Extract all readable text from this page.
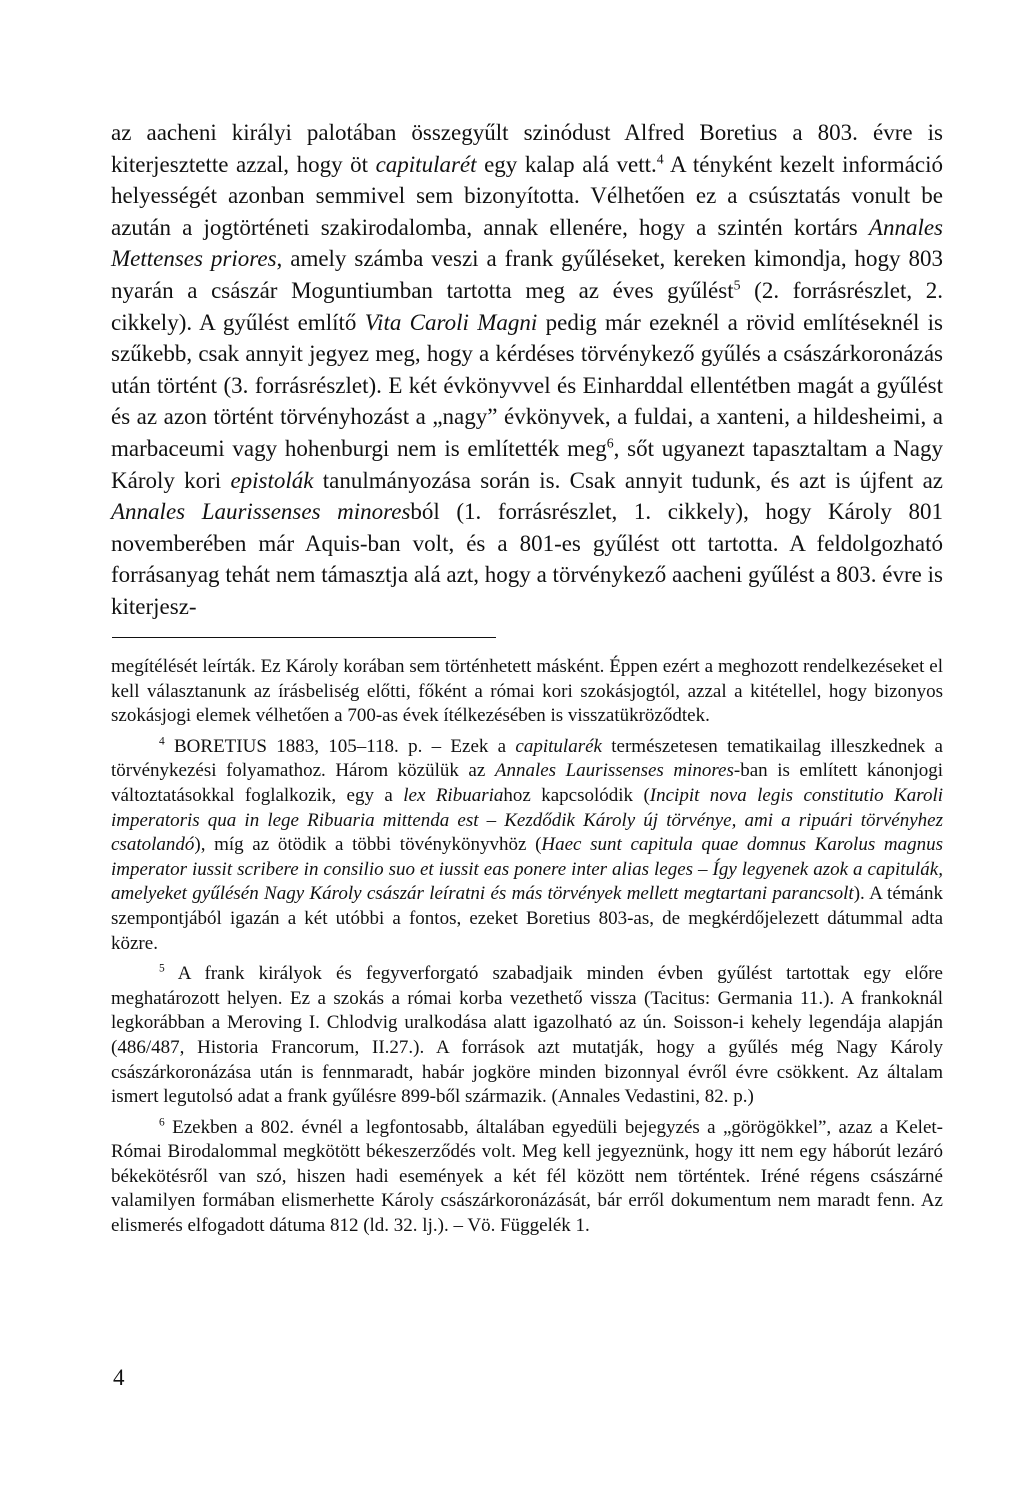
az aacheni királyi palotában összegyűlt szinódust Alfred Boretius a 803. évre is kiterjesztette azzal, hogy öt capitularét egy kalap alá vett.$^4$ A tényként kezelt információ helyességét azonban semmivel sem bizonyította. Vélhetően ez a csúsztatás vonult be azután a jogtörténeti szakirodalomba, annak ellenére, hogy a szintén kortárs Annales Mettenses priores, amely számba veszi a frank gyűléseket, kereken kimondja, hogy 803 nyarán a császár Moguntiumban tartotta meg az éves gyűlést$^5$ (2. forrásrészlet, 2. cikkely). A gyűlést említő Vita Caroli Magni pedig már ezeknél a rövid említéseknél is szűkebb, csak annyit jegyez meg, hogy a kérdéses törvénykező gyűlés a császárkoronázás után történt (3. forrásrészlet). E két évkönyvvel és Einharddal ellentétben magát a gyűlést és az azon történt törvényhozást a „nagy” évkönyvek, a fuldai, a xanteni, a hildesheimi, a marbaceumi vagy hohenburgi nem is említették meg$^6$, sőt ugyanezt tapasztaltam a Nagy Károly kori epistolák tanulmányozása során is. Csak annyit tudunk, és azt is újfent az Annales Laurissenses minoresból (1. forrásrészlet, 1. cikkely), hogy Károly 801 novemberében már Aquis-ban volt, és a 801-es gyűlést ott tartotta. A feldolgozható forrásanyag tehát nem támasztja alá azt, hogy a törvénykező aacheni gyűlést a 803. évre is kiterjesz-

megítélését leírták. Ez Károly korában sem történhetett másként. Éppen ezért a meghozott rendelkezéseket el kell választanunk az írásbeliség előtti, főként a római kori szokásjogtól, azzal a kitétellel, hogy bizonyos szokásjogi elemek vélhetően a 700-as évek ítélkezésében is visszatükröződtek.

$^4$ BORETIUS 1883, 105–118. p. – Ezek a capitularék természetesen tematikailag illeszkednek a törvénykezési folyamathoz. Három közülük az Annales Laurissenses minores-ban is említett kánonjogi változtatásokkal foglalkozik, egy a lex Ribuariahoz kapcsolódik (Incipit nova legis constitutio Karoli imperatoris qua in lege Ribuaria mittenda est – Kezdődik Károly új törvénye, ami a ripuári törvényhez csatolandó), míg az ötödik a többi tövénykönyvhöz (Haec sunt capitula quae domnus Karolus magnus imperator iussit scribere in consilio suo et iussit eas ponere inter alias leges – Így legyenek azok a capitulák, amelyeket gyűlésén Nagy Károly császár leíratni és más törvények mellett megtartani parancsolt). A témánk szempontjából igazán a két utóbbi a fontos, ezeket Boretius 803-as, de megkérdőjelezett dátummal adta közre.

$^5$ A frank királyok és fegyverforgató szabadjaik minden évben gyűlést tartottak egy előre meghatározott helyen. Ez a szokás a római korba vezethető vissza (Tacitus: Germania 11.). A frankoknál legkorábban a Meroving I. Chlodvig uralkodása alatt igazolható az ún. Soisson-i kehely legendája alapján (486/487, Historia Francorum, II.27.). A források azt mutatják, hogy a gyűlés még Nagy Károly császárkoronázása után is fennmaradt, habár jogköre minden bizonnyal évről évre csökkent. Az általam ismert legutolsó adat a frank gyűlésre 899-ből származik. (Annales Vedastini, 82. p.)

$^6$ Ezekben a 802. évnél a legfontosabb, általában egyedüli bejegyzés a „görögökkel”, azaz a Kelet-Római Birodalommal megkötött békeszerződés volt. Meg kell jegyeznünk, hogy itt nem egy háborút lezáró békekötésről van szó, hiszen hadi események a két fél között nem történtek. Iréné régens császárné valamilyen formában elismerhette Károly császárkoronázását, bár erről dokumentum nem maradt fenn. Az elismerés elfogadott dátuma 812 (ld. 32. lj.). – Vö. Függelék 1.

4
